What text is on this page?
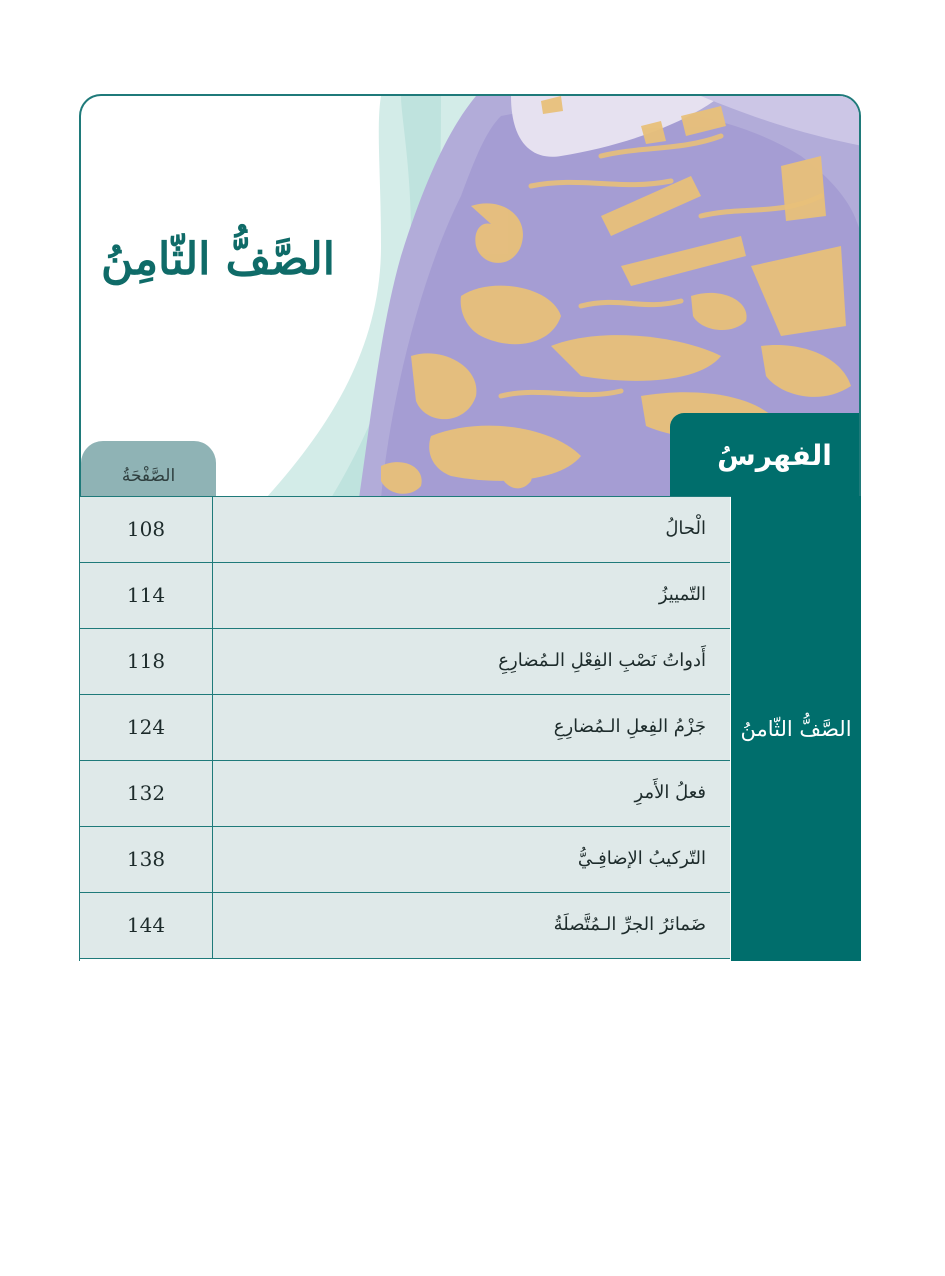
الصَّفُّ الثّامِنُ
الصَّفْحَةُ
الفهرسُ
108	الْحالُ
114	التّمييزُ
118	أَدواتُ نَصْبِ الفِعْلِ الـمُضارِعِ
124	جَزْمُ الفِعلِ الـمُضارِعِ
132	فعلُ الأَمرِ
138	التّركيبُ الإضافِـيُّ
144	ضَمائرُ الجرِّ الـمُتَّصلَةُ
الصَّفُّ الثّامنُ
